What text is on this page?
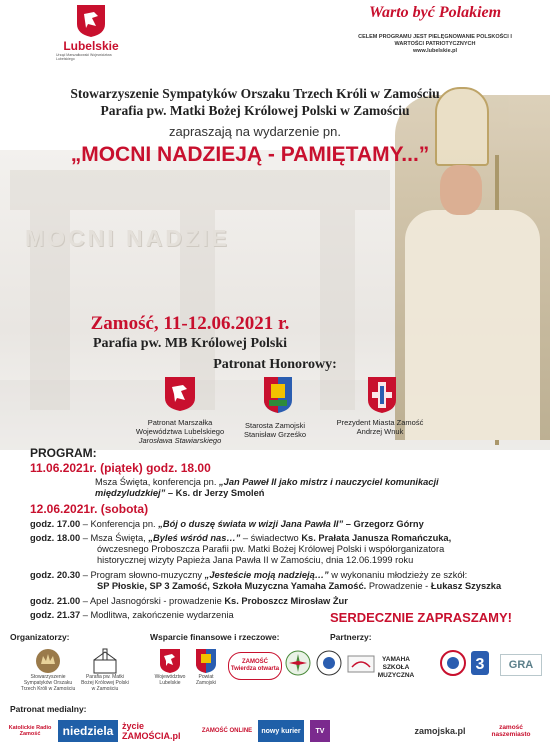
MOCNI NADZIE
Lubelskie
Urząd Marszałkowski Województwa Lubelskiego
Warto być Polakiem
CELEM PROGRAMU JEST PIELĘGNOWANIE POLSKOŚCI I WARTOŚCI PATRIOTYCZNYCH
www.lubelskie.pl
Stowarzyszenie Sympatyków Orszaku Trzech Króli w Zamościu
Parafia pw. Matki Bożej Królowej Polski w Zamościu
zapraszają na wydarzenie pn.
„MOCNI NADZIEJĄ - PAMIĘTAMY...”
Zamość, 11-12.06.2021 r.
Parafia pw. MB Królowej Polski
Patronat Honorowy:
Patronat Marszałka Województwa Lubelskiego
Jarosława Stawiarskiego
Starosta Zamojski
Stanisław Grześko
Prezydent Miasta Zamość
Andrzej Wnuk
PROGRAM:
11.06.2021r. (piątek) godz. 18.00
Msza Święta, konferencja pn. „Jan Paweł II jako mistrz i nauczyciel komunikacji
międzyludzkiej” – Ks. dr Jerzy Smoleń
12.06.2021r. (sobota)
godz. 17.00 – Konferencja pn. „Bój o duszę świata w wizji Jana Pawła II” – Grzegorz Górny
godz. 18.00 – Msza Święta, „Byleś wśród nas…” – świadectwo Ks. Prałata Janusza Romańczuka,
ówczesnego Proboszcza Parafii pw. Matki Bożej Królowej Polski i współorganizatora
historycznej wizyty Papieża Jana Pawła II w Zamościu, dnia 12.06.1999 roku
godz. 20.30 – Program słowno-muzyczny „Jesteście moją nadzieją…” w wykonaniu młodzieży ze szkół:
SP Płoskie, SP 3 Zamość, Szkoła Muzyczna Yamaha Zamość. Prowadzenie - Łukasz Szyszka
godz. 21.00 – Apel Jasnogórski - prowadzenie Ks. Proboszcz Mirosław Żur
godz. 21.37 – Modlitwa, zakończenie wydarzenia	SERDECZNIE ZAPRASZAMY!
Organizatorzy:	Wsparcie finansowe i rzeczowe:	Partnerzy:
Stowarzyszenie Sympatyków Orszaku Trzech Króli w Zamościu
Parafia pw. Matki Bożej Królowej Polski w Zamościu
Województwo Lubelskie
Powiat Zamojski
ZAMOŚĆ Twierdza otwarta
YAMAHA SZKOŁA MUZYCZNA
3	GRA
Patronat medialny:
Katolickie Radio Zamość	niedziela życie ZAMOŚCIA.pl	ZAMOŚĆ ONLINE	nowy kurier	TV	zamojska.pl	zamość naszemiasto
